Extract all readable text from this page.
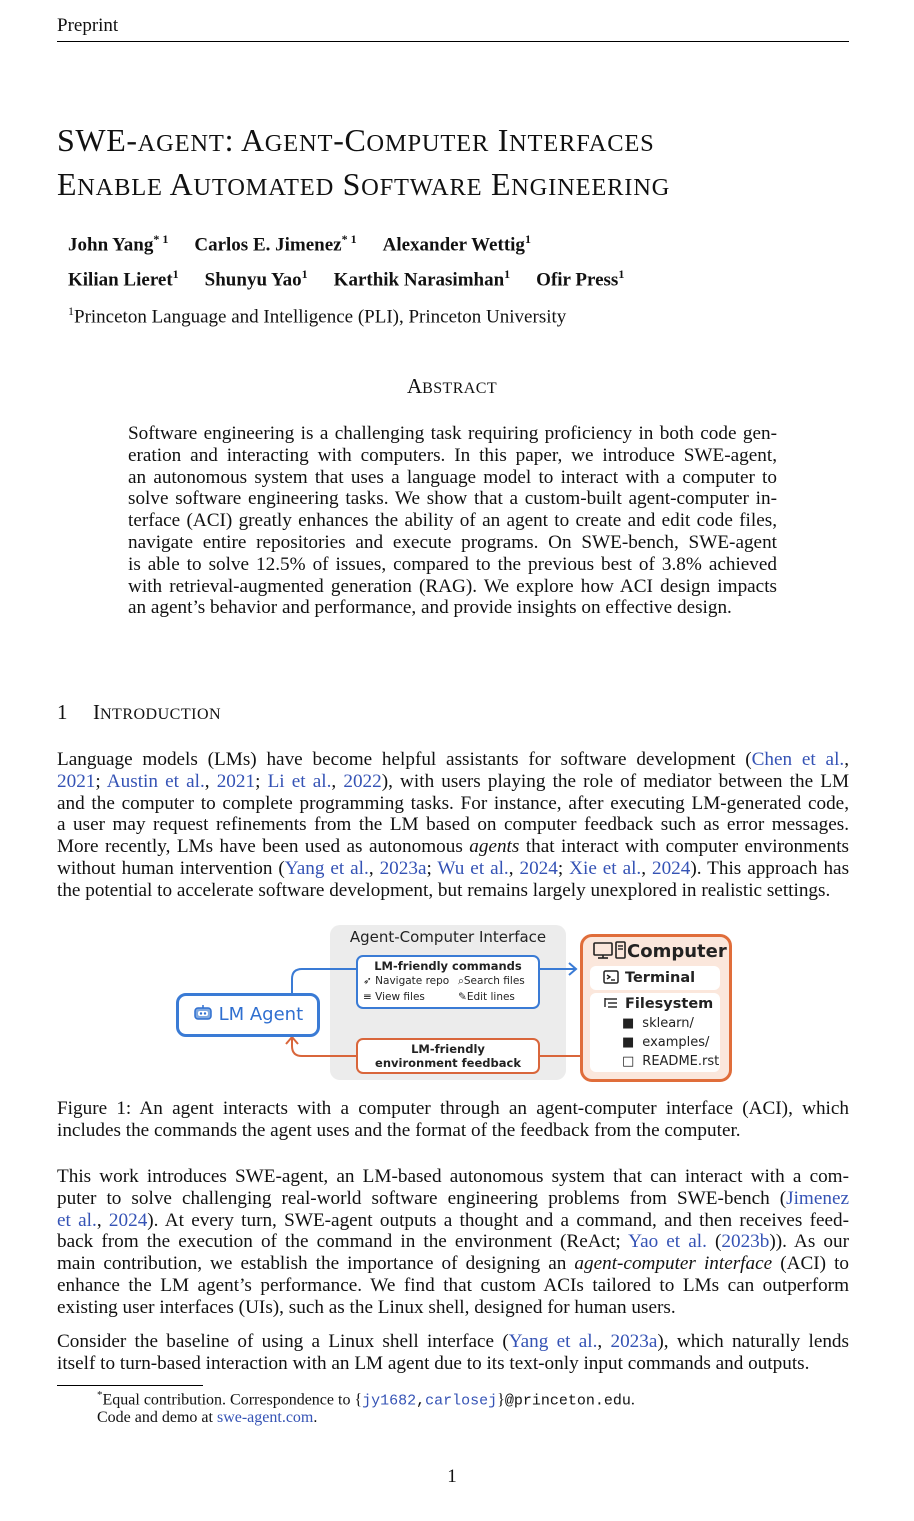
Preprint
SWE-AGENT: AGENT-COMPUTER INTERFACES
ENABLE AUTOMATED SOFTWARE ENGINEERING
John Yang$^{* 1}$ Carlos E. Jimenez$^{* 1}$ Alexander Wettig$^1$
Kilian Lieret$^1$ Shunyu Yao$^1$ Karthik Narasimhan$^1$ Ofir Press$^1$
$^1$Princeton Language and Intelligence (PLI), Princeton University
ABSTRACT
Software engineering is a challenging task requiring proficiency in both code gen-
eration and interacting with computers. In this paper, we introduce SWE-agent,
an autonomous system that uses a language model to interact with a computer to
solve software engineering tasks. We show that a custom-built agent-computer in-
terface (ACI) greatly enhances the ability of an agent to create and edit code files,
navigate entire repositories and execute programs. On SWE-bench, SWE-agent
is able to solve 12.5% of issues, compared to the previous best of 3.8% achieved
with retrieval-augmented generation (RAG). We explore how ACI design impacts
an agent’s behavior and performance, and provide insights on effective design.
1 INTRODUCTION
Language models (LMs) have become helpful assistants for software development (Chen et al.,
2021; Austin et al., 2021; Li et al., 2022), with users playing the role of mediator between the LM
and the computer to complete programming tasks. For instance, after executing LM-generated code,
a user may request refinements from the LM based on computer feedback such as error messages.
More recently, LMs have been used as autonomous agents that interact with computer environments
without human intervention (Yang et al., 2023a; Wu et al., 2024; Xie et al., 2024). This approach has
the potential to accelerate software development, but remains largely unexplored in realistic settings.
Agent-Computer Interface
LM-friendly commands
➶ Navigate repo ⌕Search files
≡ View files	✎Edit lines
LM-friendly
environment feedback
LM Agent
Computer
Terminal
Filesystem
■ sklearn/
■ examples/
□ README.rst
Figure 1: An agent interacts with a computer through an agent-computer interface (ACI), which
includes the commands the agent uses and the format of the feedback from the computer.
This work introduces SWE-agent, an LM-based autonomous system that can interact with a com-
puter to solve challenging real-world software engineering problems from SWE-bench (Jimenez
et al., 2024). At every turn, SWE-agent outputs a thought and a command, and then receives feed-
back from the execution of the command in the environment (ReAct; Yao et al. (2023b)). As our
main contribution, we establish the importance of designing an agent-computer interface (ACI) to
enhance the LM agent’s performance. We find that custom ACIs tailored to LMs can outperform
existing user interfaces (UIs), such as the Linux shell, designed for human users.
Consider the baseline of using a Linux shell interface (Yang et al., 2023a), which naturally lends
itself to turn-based interaction with an LM agent due to its text-only input commands and outputs.
*Equal contribution. Correspondence to {jy1682,carlosej}@princeton.edu.
Code and demo at swe-agent.com.
1
